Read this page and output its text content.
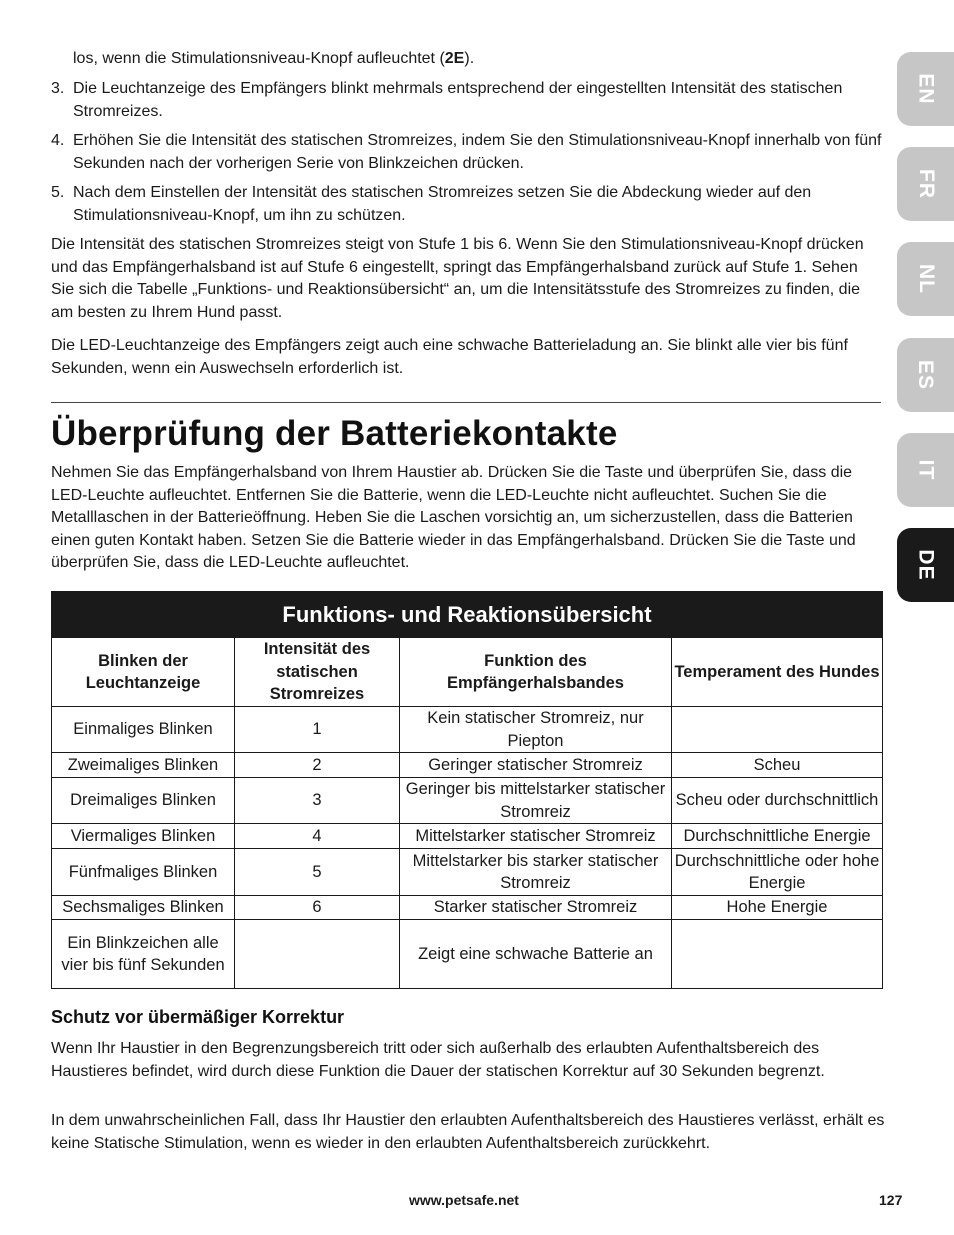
EN
FR
NL
ES
IT
DE

los, wenn die Stimulationsniveau-Knopf aufleuchtet (2E).

3. Die Leuchtanzeige des Empfängers blinkt mehrmals entsprechend der eingestellten Intensität des statischen Stromreizes.

4. Erhöhen Sie die Intensität des statischen Stromreizes, indem Sie den Stimulationsniveau-Knopf innerhalb von fünf Sekunden nach der vorherigen Serie von Blinkzeichen drücken.

5. Nach dem Einstellen der Intensität des statischen Stromreizes setzen Sie die Abdeckung wieder auf den Stimulationsniveau-Knopf, um ihn zu schützen.

Die Intensität des statischen Stromreizes steigt von Stufe 1 bis 6. Wenn Sie den Stimulationsniveau-Knopf drücken und das Empfängerhalsband ist auf Stufe 6 eingestellt, springt das Empfängerhalsband zurück auf Stufe 1. Sehen Sie sich die Tabelle „Funktions- und Reaktionsübersicht“ an, um die Intensitätsstufe des Stromreizes zu finden, die am besten zu Ihrem Hund passt.

Die LED-Leuchtanzeige des Empfängers zeigt auch eine schwache Batterieladung an. Sie blinkt alle vier bis fünf Sekunden, wenn ein Auswechseln erforderlich ist.

Überprüfung der Batteriekontakte

Nehmen Sie das Empfängerhalsband von Ihrem Haustier ab. Drücken Sie die Taste und überprüfen Sie, dass die LED-Leuchte aufleuchtet. Entfernen Sie die Batterie, wenn die LED-Leuchte nicht aufleuchtet. Suchen Sie die Metalllaschen in der Batterieöffnung. Heben Sie die Laschen vorsichtig an, um sicherzustellen, dass die Batterien einen guten Kontakt haben. Setzen Sie die Batterie wieder in das Empfängerhalsband. Drücken Sie die Taste und überprüfen Sie, dass die LED-Leuchte aufleuchtet.

Funktions- und Reaktionsübersicht			
Blinken der Leuchtanzeige	Intensität des statischen Stromreizes	Funktion des Empfängerhalsbandes	Temperament des Hundes
Einmaliges Blinken	1	Kein statischer Stromreiz, nur Piepton	
Zweimaliges Blinken	2	Geringer statischer Stromreiz	Scheu
Dreimaliges Blinken	3	Geringer bis mittelstarker statischer Stromreiz	Scheu oder durchschnittlich
Viermaliges Blinken	4	Mittelstarker statischer Stromreiz	Durchschnittliche Energie
Fünfmaliges Blinken	5	Mittelstarker bis starker statischer Stromreiz	Durchschnittliche oder hohe Energie
Sechsmaliges Blinken	6	Starker statischer Stromreiz	Hohe Energie
Ein Blinkzeichen alle vier bis fünf Sekunden		Zeigt eine schwache Batterie an	
Schutz vor übermäßiger Korrektur

Wenn Ihr Haustier in den Begrenzungsbereich tritt oder sich außerhalb des erlaubten Aufenthaltsbereich des Haustieres befindet, wird durch diese Funktion die Dauer der statischen Korrektur auf 30 Sekunden begrenzt.

In dem unwahrscheinlichen Fall, dass Ihr Haustier den erlaubten Aufenthaltsbereich des Haustieres verlässt, erhält es keine Statische Stimulation, wenn es wieder in den erlaubten Aufenthaltsbereich zurückkehrt.

www.petsafe.net	127
